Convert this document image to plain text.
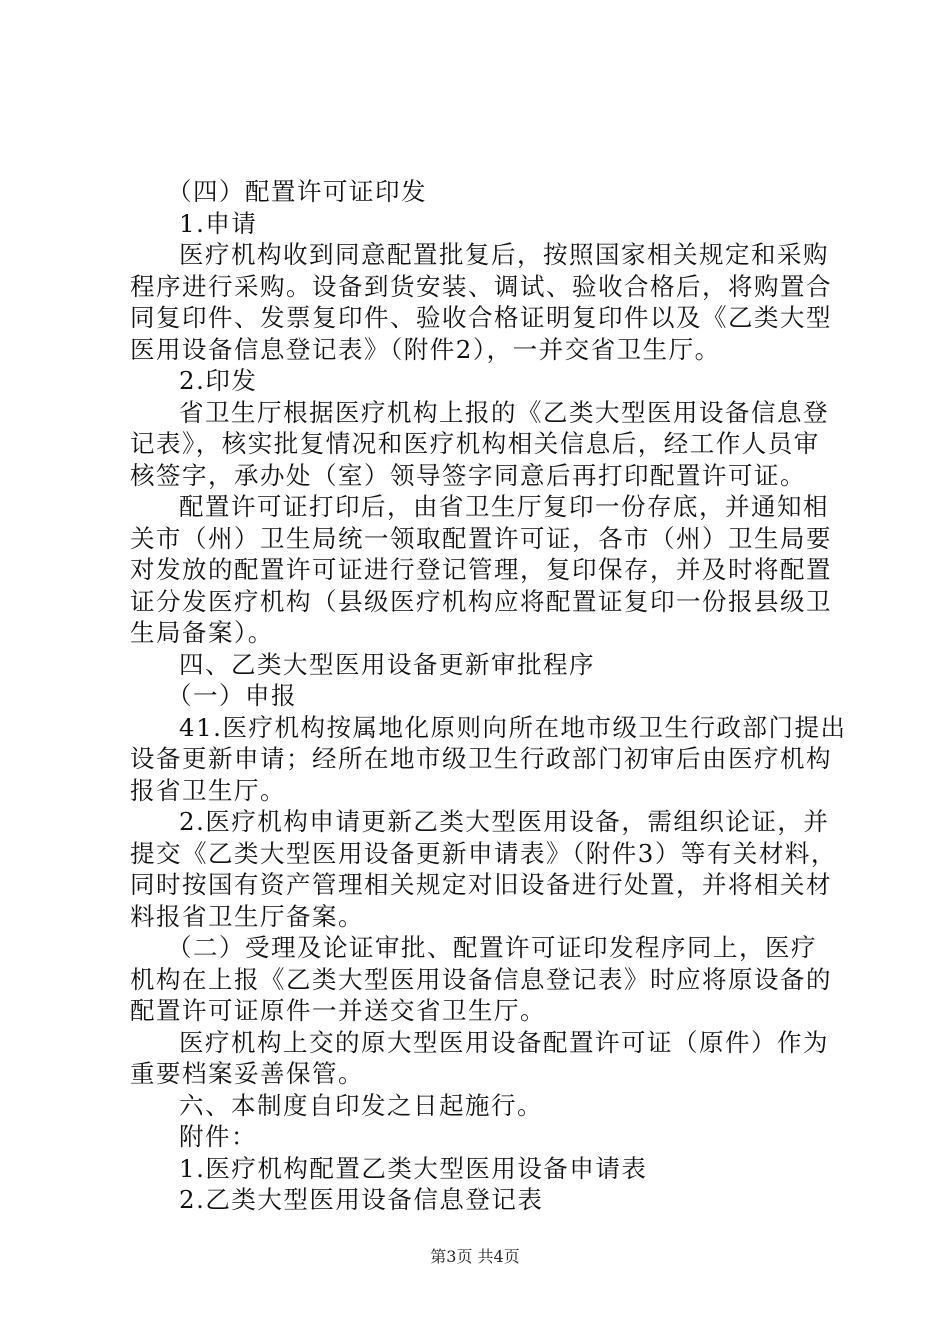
（四）配置许可证印发
1.申请
医疗机构收到同意配置批复后，按照国家相关规定和采购
程序进行采购。设备到货安装、调试、验收合格后，将购置合
同复印件、发票复印件、验收合格证明复印件以及《乙类大型
医用设备信息登记表》（附件2），一并交省卫生厅。
2.印发
省卫生厅根据医疗机构上报的《乙类大型医用设备信息登
记表》，核实批复情况和医疗机构相关信息后，经工作人员审
核签字，承办处（室）领导签字同意后再打印配置许可证。
配置许可证打印后，由省卫生厅复印一份存底，并通知相
关市（州）卫生局统一领取配置许可证，各市（州）卫生局要
对发放的配置许可证进行登记管理，复印保存，并及时将配置
证分发医疗机构（县级医疗机构应将配置证复印一份报县级卫
生局备案）。
四、乙类大型医用设备更新审批程序
（一）申报
41.医疗机构按属地化原则向所在地市级卫生行政部门提出
设备更新申请；经所在地市级卫生行政部门初审后由医疗机构
报省卫生厅。
2.医疗机构申请更新乙类大型医用设备，需组织论证，并
提交《乙类大型医用设备更新申请表》（附件3）等有关材料，
同时按国有资产管理相关规定对旧设备进行处置，并将相关材
料报省卫生厅备案。
（二）受理及论证审批、配置许可证印发程序同上，医疗
机构在上报《乙类大型医用设备信息登记表》时应将原设备的
配置许可证原件一并送交省卫生厅。
医疗机构上交的原大型医用设备配置许可证（原件）作为
重要档案妥善保管。
六、本制度自印发之日起施行。
附件：
1.医疗机构配置乙类大型医用设备申请表
2.乙类大型医用设备信息登记表
第3页 共4页
